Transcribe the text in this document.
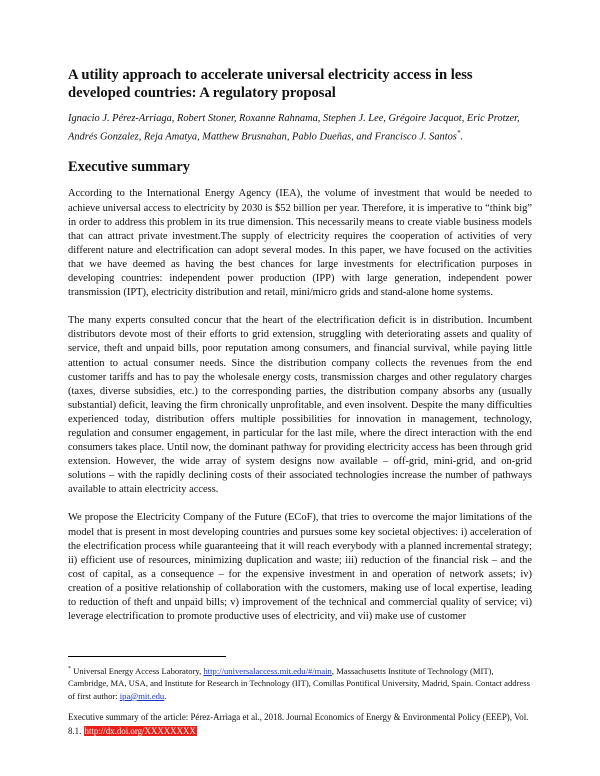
A utility approach to accelerate universal electricity access in less developed countries: A regulatory proposal

Ignacio J. Pérez-Arriaga, Robert Stoner, Roxanne Rahnama, Stephen J. Lee, Grégoire Jacquot, Eric Protzer, Andrés Gonzalez, Reja Amatya, Matthew Brusnahan, Pablo Dueñas, and Francisco J. Santos*.

Executive summary

According to the International Energy Agency (IEA), the volume of investment that would be needed to achieve universal access to electricity by 2030 is $52 billion per year. Therefore, it is imperative to “think big” in order to address this problem in its true dimension. This necessarily means to create viable business models that can attract private investment.The supply of electricity requires the cooperation of activities of very different nature and electrification can adopt several modes. In this paper, we have focused on the activities that we have deemed as having the best chances for large investments for electrification purposes in developing countries: independent power production (IPP) with large generation, independent power transmission (IPT), electricity distribution and retail, mini/micro grids and stand-alone home systems.

The many experts consulted concur that the heart of the electrification deficit is in distribution. Incumbent distributors devote most of their efforts to grid extension, struggling with deteriorating assets and quality of service, theft and unpaid bills, poor reputation among consumers, and financial survival, while paying little attention to actual consumer needs. Since the distribution company collects the revenues from the end customer tariffs and has to pay the wholesale energy costs, transmission charges and other regulatory charges (taxes, diverse subsidies, etc.) to the corresponding parties, the distribution company absorbs any (usually substantial) deficit, leaving the firm chronically unprofitable, and even insolvent. Despite the many difficulties experienced today, distribution offers multiple possibilities for innovation in management, technology, regulation and consumer engagement, in particular for the last mile, where the direct interaction with the end consumers takes place. Until now, the dominant pathway for providing electricity access has been through grid extension. However, the wide array of system designs now available – off-grid, mini-grid, and on-grid solutions – with the rapidly declining costs of their associated technologies increase the number of pathways available to attain electricity access.

We propose the Electricity Company of the Future (ECoF), that tries to overcome the major limitations of the model that is present in most developing countries and pursues some key societal objectives: i) acceleration of the electrification process while guaranteeing that it will reach everybody with a planned incremental strategy; ii) efficient use of resources, minimizing duplication and waste; iii) reduction of the financial risk – and the cost of capital, as a consequence – for the expensive investment in and operation of network assets; iv) creation of a positive relationship of collaboration with the customers, making use of local expertise, leading to reduction of theft and unpaid bills; v) improvement of the technical and commercial quality of service; vi) leverage electrification to promote productive uses of electricity, and vii) make use of customer

* Universal Energy Access Laboratory, http://universalaccess.mit.edu/#/main, Massachusetts Institute of Technology (MIT), Cambridge, MA, USA, and Institute for Research in Technology (IIT), Comillas Pontifical University, Madrid, Spain. Contact address of first author: ipa@mit.edu.
Executive summary of the article: Pérez-Arriaga et al., 2018. Journal Economics of Energy & Environmental Policy (EEEP), Vol. 8.1. http://dx.doi.org/XXXXXXXX
